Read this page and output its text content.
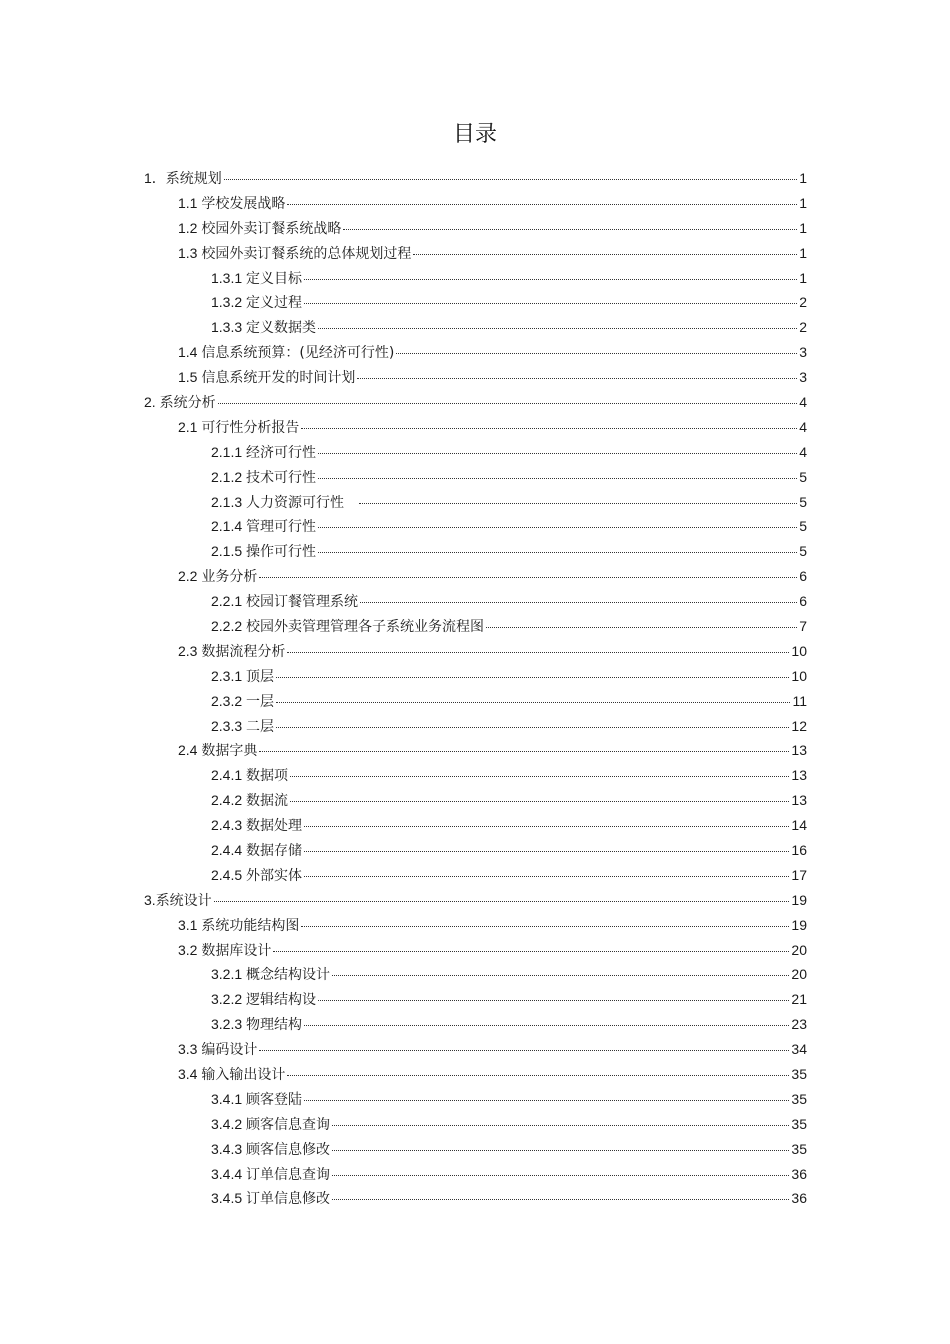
目录
1． 系统规划	1
1.1 学校发展战略	1
1.2 校园外卖订餐系统战略	1
1.3 校园外卖订餐系统的总体规划过程	1
1.3.1 定义目标	1
1.3.2 定义过程	2
1.3.3 定义数据类	2
1.4 信息系统预算：(见经济可行性)	3
1.5 信息系统开发的时间计划	3
2. 系统分析	4
2.1 可行性分析报告	4
2.1.1 经济可行性	4
2.1.2 技术可行性	5
2.1.3 人力资源可行性	5
2.1.4 管理可行性	5
2.1.5 操作可行性	5
2.2 业务分析	6
2.2.1 校园订餐管理系统	6
2.2.2 校园外卖管理管理各子系统业务流程图	7
2.3 数据流程分析	10
2.3.1 顶层	10
2.3.2 一层	11
2.3.3 二层	12
2.4 数据字典	13
2.4.1 数据项	13
2.4.2 数据流	13
2.4.3 数据处理	14
2.4.4 数据存储	16
2.4.5 外部实体	17
3. 系统设计	19
3.1 系统功能结构图	19
3.2 数据库设计	20
3.2.1 概念结构设计	20
3.2.2 逻辑结构设	21
3.2.3 物理结构	23
3.3 编码设计	34
3.4 输入输出设计	35
3.4.1 顾客登陆	35
3.4.2 顾客信息查询	35
3.4.3 顾客信息修改	35
3.4.4 订单信息查询	36
3.4.5 订单信息修改	36
